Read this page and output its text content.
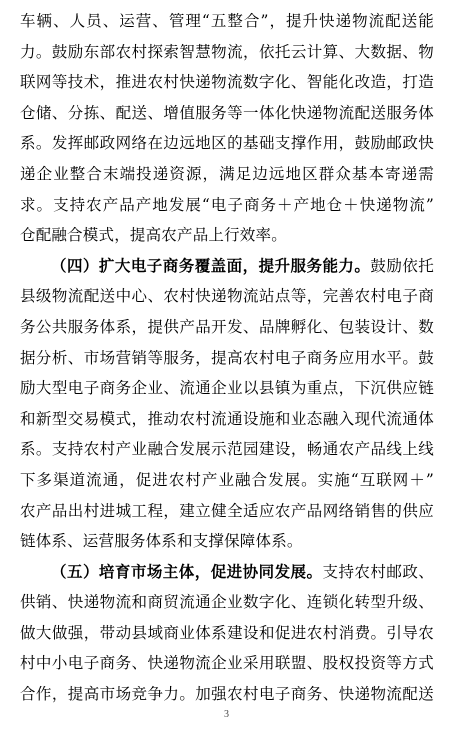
车辆、人员、运营、管理“五整合”，提升快递物流配送能
力。鼓励东部农村探索智慧物流，依托云计算、大数据、物
联网等技术，推进农村快递物流数字化、智能化改造，打造
仓储、分拣、配送、增值服务等一体化快递物流配送服务体
系。发挥邮政网络在边远地区的基础支撑作用，鼓励邮政快
递企业整合末端投递资源，满足边远地区群众基本寄递需
求。支持农产品产地发展“电子商务＋产地仓＋快递物流”
仓配融合模式，提高农产品上行效率。
（四）扩大电子商务覆盖面，提升服务能力。鼓励依托
县级物流配送中心、农村快递物流站点等，完善农村电子商
务公共服务体系，提供产品开发、品牌孵化、包装设计、数
据分析、市场营销等服务，提高农村电子商务应用水平。鼓
励大型电子商务企业、流通企业以县镇为重点，下沉供应链
和新型交易模式，推动农村流通设施和业态融入现代流通体
系。支持农村产业融合发展示范园建设，畅通农产品线上线
下多渠道流通，促进农村产业融合发展。实施“互联网＋”
农产品出村进城工程，建立健全适应农产品网络销售的供应
链体系、运营服务体系和支撑保障体系。
（五）培育市场主体，促进协同发展。支持农村邮政、
供销、快递物流和商贸流通企业数字化、连锁化转型升级、
做大做强，带动县域商业体系建设和促进农村消费。引导农
村中小电子商务、快递物流企业采用联盟、股权投资等方式
合作，提高市场竞争力。加强农村电子商务、快递物流配送
3
